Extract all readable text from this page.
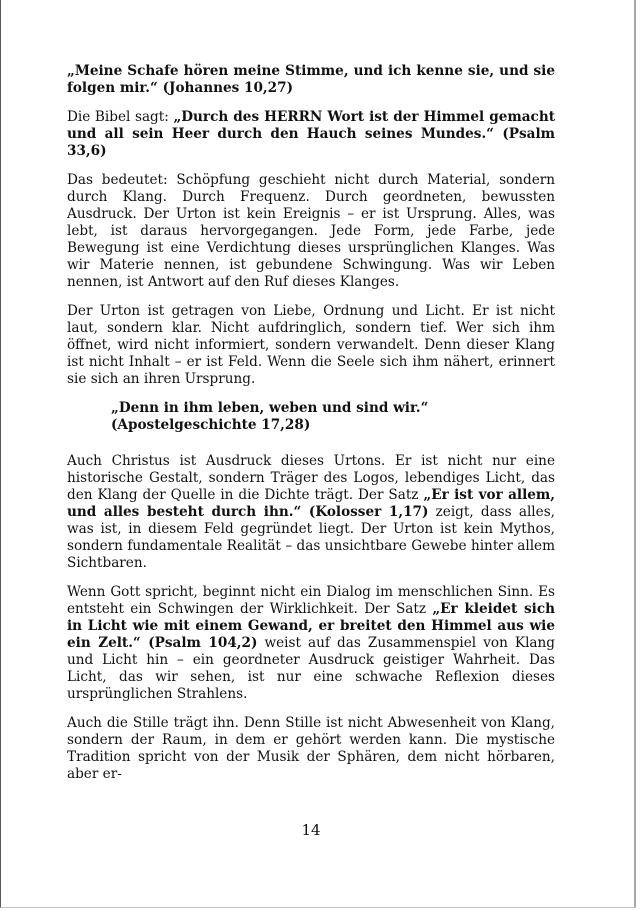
„Meine Schafe hören meine Stimme, und ich kenne sie, und sie folgen mir.“ (Johannes 10,27)

Die Bibel sagt: „Durch des HERRN Wort ist der Himmel gemacht und all sein Heer durch den Hauch seines Mundes.“ (Psalm 33,6)

Das bedeutet: Schöpfung geschieht nicht durch Material, sondern durch Klang. Durch Frequenz. Durch geordneten, bewussten Ausdruck. Der Urton ist kein Ereignis – er ist Ursprung. Alles, was lebt, ist daraus hervorgegangen. Jede Form, jede Farbe, jede Bewegung ist eine Verdichtung dieses ursprünglichen Klanges. Was wir Materie nennen, ist gebundene Schwingung. Was wir Leben nennen, ist Antwort auf den Ruf dieses Klanges.

Der Urton ist getragen von Liebe, Ordnung und Licht. Er ist nicht laut, sondern klar. Nicht aufdringlich, sondern tief. Wer sich ihm öffnet, wird nicht informiert, sondern verwandelt. Denn dieser Klang ist nicht Inhalt – er ist Feld. Wenn die Seele sich ihm nähert, erinnert sie sich an ihren Ursprung.

„Denn in ihm leben, weben und sind wir.“ (Apostelgeschichte 17,28)

Auch Christus ist Ausdruck dieses Urtons. Er ist nicht nur eine historische Gestalt, sondern Träger des Logos, lebendiges Licht, das den Klang der Quelle in die Dichte trägt. Der Satz „Er ist vor allem, und alles besteht durch ihn.“ (Kolosser 1,17) zeigt, dass alles, was ist, in diesem Feld gegründet liegt. Der Urton ist kein Mythos, sondern fundamentale Realität – das unsichtbare Gewebe hinter allem Sichtbaren.

Wenn Gott spricht, beginnt nicht ein Dialog im menschlichen Sinn. Es entsteht ein Schwingen der Wirklichkeit. Der Satz „Er kleidet sich in Licht wie mit einem Gewand, er breitet den Himmel aus wie ein Zelt.“ (Psalm 104,2) weist auf das Zusammenspiel von Klang und Licht hin – ein geordneter Ausdruck geistiger Wahrheit. Das Licht, das wir sehen, ist nur eine schwache Reflexion dieses ursprünglichen Strahlens.

Auch die Stille trägt ihn. Denn Stille ist nicht Abwesenheit von Klang, sondern der Raum, in dem er gehört werden kann. Die mystische Tradition spricht von der Musik der Sphären, dem nicht hörbaren, aber er-

14
